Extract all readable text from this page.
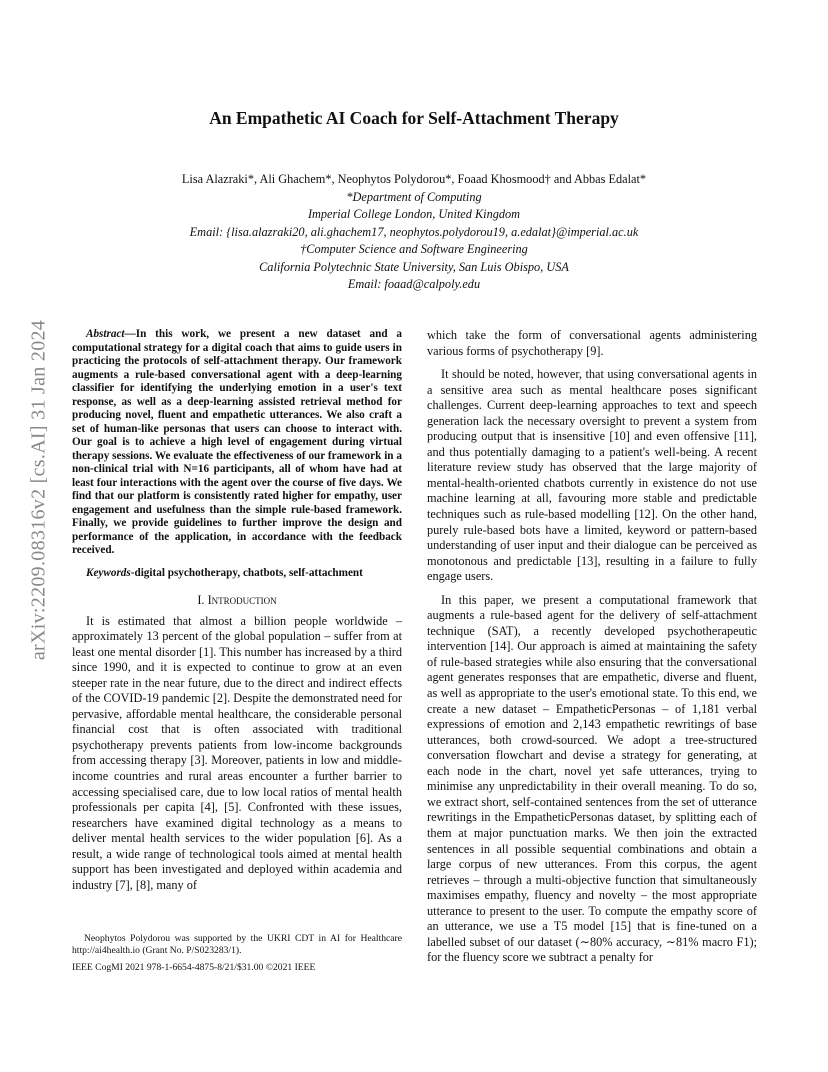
arXiv:2209.08316v2 [cs.AI] 31 Jan 2024
An Empathetic AI Coach for Self-Attachment Therapy
Lisa Alazraki*, Ali Ghachem*, Neophytos Polydorou*, Foaad Khosmood† and Abbas Edalat*
*Department of Computing
Imperial College London, United Kingdom
Email: {lisa.alazraki20, ali.ghachem17, neophytos.polydorou19, a.edalat}@imperial.ac.uk
†Computer Science and Software Engineering
California Polytechnic State University, San Luis Obispo, USA
Email: foaad@calpoly.edu

Abstract—In this work, we present a new dataset and a computational strategy for a digital coach that aims to guide users in practicing the protocols of self-attachment therapy. Our framework augments a rule-based conversational agent with a deep-learning classifier for identifying the underlying emotion in a user's text response, as well as a deep-learning assisted retrieval method for producing novel, fluent and empathetic utterances. We also craft a set of human-like personas that users can choose to interact with. Our goal is to achieve a high level of engagement during virtual therapy sessions. We evaluate the effectiveness of our framework in a non-clinical trial with N=16 participants, all of whom have had at least four interactions with the agent over the course of five days. We find that our platform is consistently rated higher for empathy, user engagement and usefulness than the simple rule-based framework. Finally, we provide guidelines to further improve the design and performance of the application, in accordance with the feedback received.

Keywords-digital psychotherapy, chatbots, self-attachment

I. Introduction

It is estimated that almost a billion people worldwide – approximately 13 percent of the global population – suffer from at least one mental disorder [1]. This number has increased by a third since 1990, and it is expected to continue to grow at an even steeper rate in the near future, due to the direct and indirect effects of the COVID-19 pandemic [2]. Despite the demonstrated need for pervasive, affordable mental healthcare, the considerable personal financial cost that is often associated with traditional psychotherapy prevents patients from low-income backgrounds from accessing therapy [3]. Moreover, patients in low and middle-income countries and rural areas encounter a further barrier to accessing specialised care, due to low local ratios of mental health professionals per capita [4], [5]. Confronted with these issues, researchers have examined digital technology as a means to deliver mental health services to the wider population [6]. As a result, a wide range of technological tools aimed at mental health support has been investigated and deployed within academia and industry [7], [8], many of

which take the form of conversational agents administering various forms of psychotherapy [9].

It should be noted, however, that using conversational agents in a sensitive area such as mental healthcare poses significant challenges. Current deep-learning approaches to text and speech generation lack the necessary oversight to prevent a system from producing output that is insensitive [10] and even offensive [11], and thus potentially damaging to a patient's well-being. A recent literature review study has observed that the large majority of mental-health-oriented chatbots currently in existence do not use machine learning at all, favouring more stable and predictable techniques such as rule-based modelling [12]. On the other hand, purely rule-based bots have a limited, keyword or pattern-based understanding of user input and their dialogue can be perceived as monotonous and predictable [13], resulting in a failure to fully engage users.

In this paper, we present a computational framework that augments a rule-based agent for the delivery of self-attachment technique (SAT), a recently developed psychotherapeutic intervention [14]. Our approach is aimed at maintaining the safety of rule-based strategies while also ensuring that the conversational agent generates responses that are empathetic, diverse and fluent, as well as appropriate to the user's emotional state. To this end, we create a new dataset – EmpatheticPersonas – of 1,181 verbal expressions of emotion and 2,143 empathetic rewritings of base utterances, both crowd-sourced. We adopt a tree-structured conversation flowchart and devise a strategy for generating, at each node in the chart, novel yet safe utterances, trying to minimise any unpredictability in their overall meaning. To do so, we extract short, self-contained sentences from the set of utterance rewritings in the EmpatheticPersonas dataset, by splitting each of them at major punctuation marks. We then join the extracted sentences in all possible sequential combinations and obtain a large corpus of new utterances. From this corpus, the agent retrieves – through a multi-objective function that simultaneously maximises empathy, fluency and novelty – the most appropriate utterance to present to the user. To compute the empathy score of an utterance, we use a T5 model [15] that is fine-tuned on a labelled subset of our dataset (∼80% accuracy, ∼81% macro F1); for the fluency score we subtract a penalty for

Neophytos Polydorou was supported by the UKRI CDT in AI for Healthcare http://ai4health.io (Grant No. P/S023283/1).
IEEE CogMI 2021 978-1-6654-4875-8/21/$31.00 ©2021 IEEE
